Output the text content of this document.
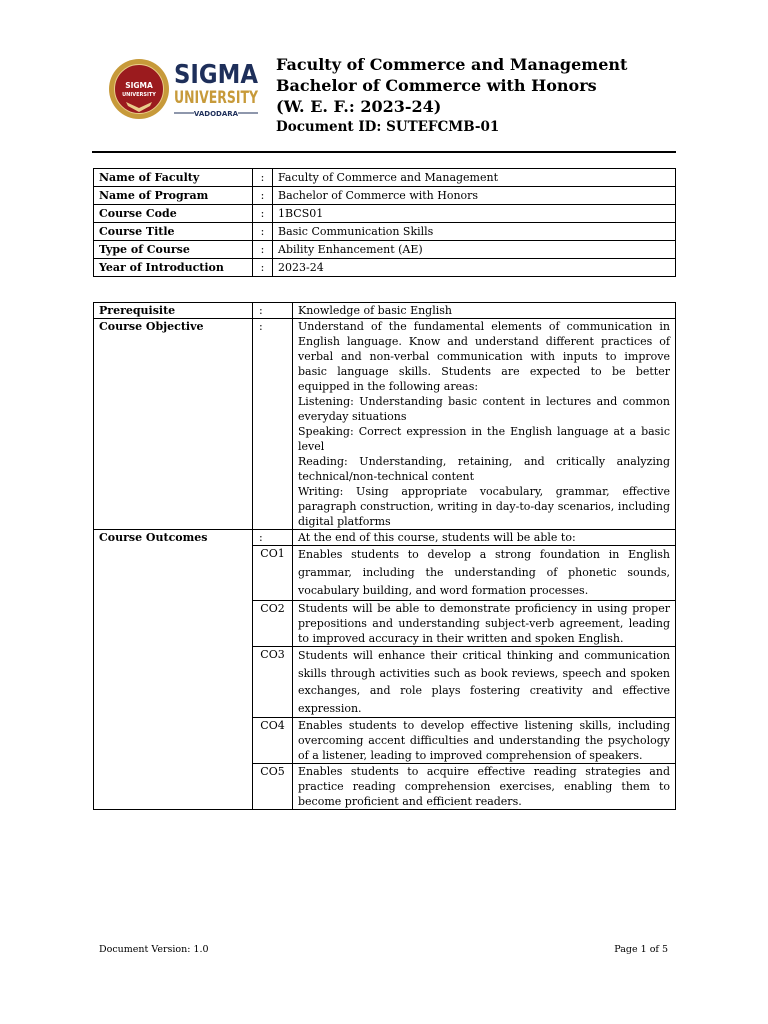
SIGMA
UNIVERSITY
SIGMA
UNIVERSITY
VADODARA
Faculty of Commerce and Management
Bachelor of Commerce with Honors
(W. E. F.: 2023-24)
Document ID: SUTEFCMB-01
Name of Faculty	:	Faculty of Commerce and Management
Name of Program	:	Bachelor of Commerce with Honors
Course Code	:	1BCS01
Course Title	:	Basic Communication Skills
Type of Course	:	Ability Enhancement (AE)
Year of Introduction	:	2023-24
Prerequisite	:	Knowledge of basic English
Course Objective	:	Understand of the fundamental elements of communication in English language. Know and understand different practices of verbal and non-verbal communication with inputs to improve basic language skills. Students are expected to be better equipped in the following areas:
Listening: Understanding basic content in lectures and common everyday situations
Speaking: Correct expression in the English language at a basic level
Reading: Understanding, retaining, and critically analyzing technical/non-technical content
Writing: Using appropriate vocabulary, grammar, effective paragraph construction, writing in day-to-day scenarios, including digital platforms

Course Outcomes	:	At the end of this course, students will be able to:
	CO1	Enables students to develop a strong foundation in English grammar, including the understanding of phonetic sounds, vocabulary building, and word formation processes.
	CO2	Students will be able to demonstrate proficiency in using proper prepositions and understanding subject-verb agreement, leading to improved accuracy in their written and spoken English.
	CO3	Students will enhance their critical thinking and communication skills through activities such as book reviews, speech and spoken exchanges, and role plays fostering creativity and effective expression.
	CO4	Enables students to develop effective listening skills, including overcoming accent difficulties and understanding the psychology of a listener, leading to improved comprehension of speakers.
	CO5	Enables students to acquire effective reading strategies and practice reading comprehension exercises, enabling them to become proficient and efficient readers.
Document Version: 1.0	Page 1 of 5
